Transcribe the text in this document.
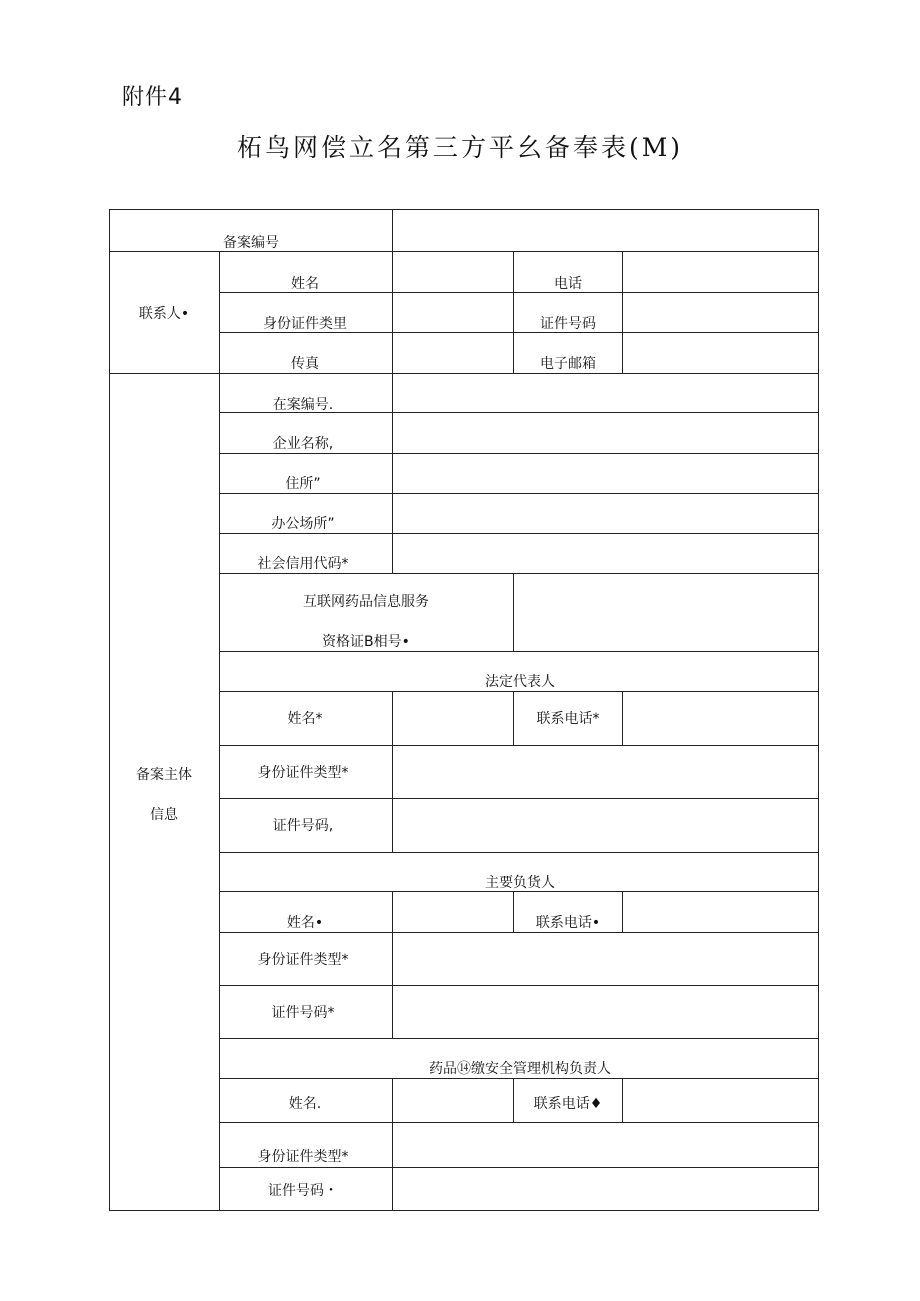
附件4
柘鸟网偿立名第三方平幺备奉表(M)
备案编号
联系人•
姓名	电话
身份证件类里	证件号码
传真	电子邮箱
备案主体
信息
在案编号.
企业名称,
住所”
办公场所”
社会信用代码*
互联网药品信息服务
资格证B相号•
法定代表人
姓名*	联系电话*
身份证件类型*
证件号码,
主要负货人
姓名•	联系电话•
身份证件类型*
证件号码*
药品⑭缴安全管理机构负责人
姓名.	联系电话♦
身份证件类型*
证件号码・
